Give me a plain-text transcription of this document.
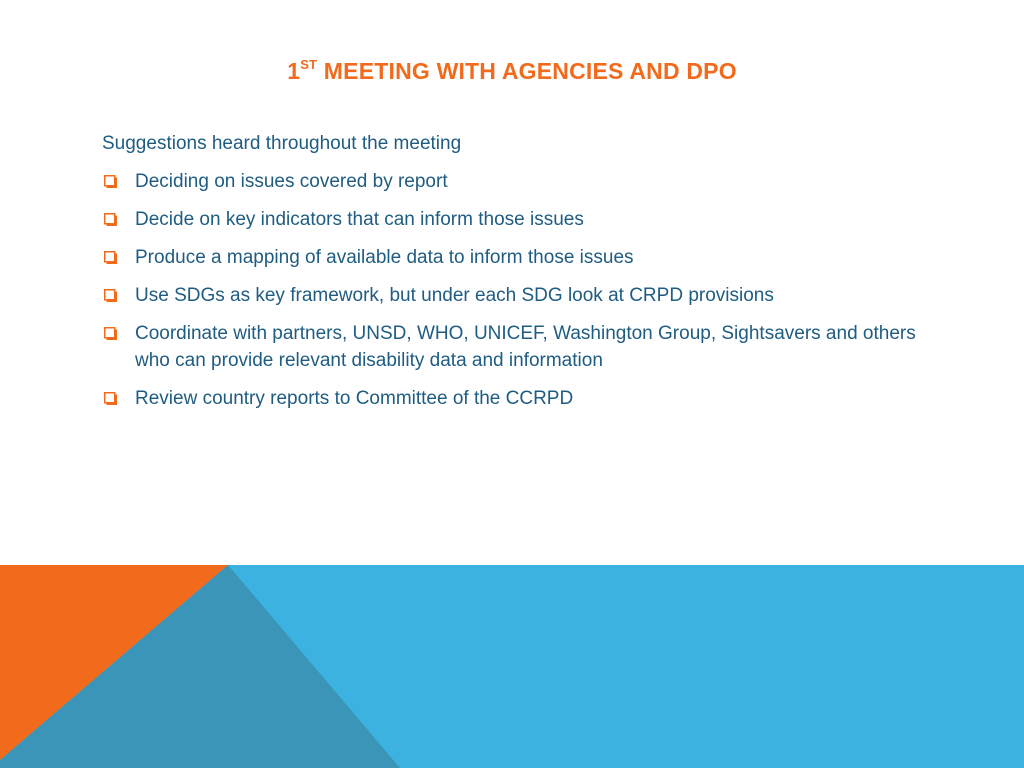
1ST MEETING WITH AGENCIES AND DPO
Suggestions heard throughout the meeting
Deciding on issues covered by report
Decide on key indicators that can inform those issues
Produce a mapping of available data to inform those issues
Use SDGs as key framework, but under each SDG look at CRPD provisions
Coordinate with partners, UNSD, WHO, UNICEF, Washington Group, Sightsavers and others who can provide relevant disability data and information
Review country reports to Committee of the CCRPD
